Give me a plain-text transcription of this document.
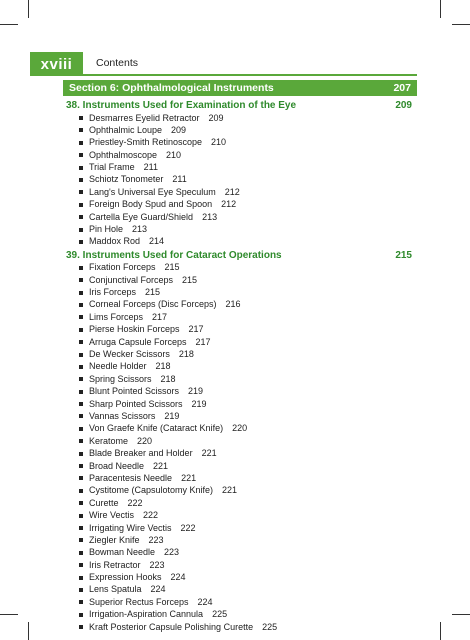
xviii	Contents
Section 6: Ophthalmological Instruments	207
38. Instruments Used for Examination of the Eye	209
Desmarres Eyelid Retractor 209
Ophthalmic Loupe 209
Priestley-Smith Retinoscope 210
Ophthalmoscope 210
Trial Frame 211
Schiotz Tonometer 211
Lang's Universal Eye Speculum 212
Foreign Body Spud and Spoon 212
Cartella Eye Guard/Shield 213
Pin Hole 213
Maddox Rod 214
39. Instruments Used for Cataract Operations	215
Fixation Forceps 215
Conjunctival Forceps 215
Iris Forceps 215
Corneal Forceps (Disc Forceps) 216
Lims Forceps 217
Pierse Hoskin Forceps 217
Arruga Capsule Forceps 217
De Wecker Scissors 218
Needle Holder 218
Spring Scissors 218
Blunt Pointed Scissors 219
Sharp Pointed Scissors 219
Vannas Scissors 219
Von Graefe Knife (Cataract Knife) 220
Keratome 220
Blade Breaker and Holder 221
Broad Needle 221
Paracentesis Needle 221
Cystitome (Capsulotomy Knife) 221
Curette 222
Wire Vectis 222
Irrigating Wire Vectis 222
Ziegler Knife 223
Bowman Needle 223
Iris Retractor 223
Expression Hooks 224
Lens Spatula 224
Superior Rectus Forceps 224
Irrigation-Aspiration Cannula 225
Kraft Posterior Capsule Polishing Curette 225
